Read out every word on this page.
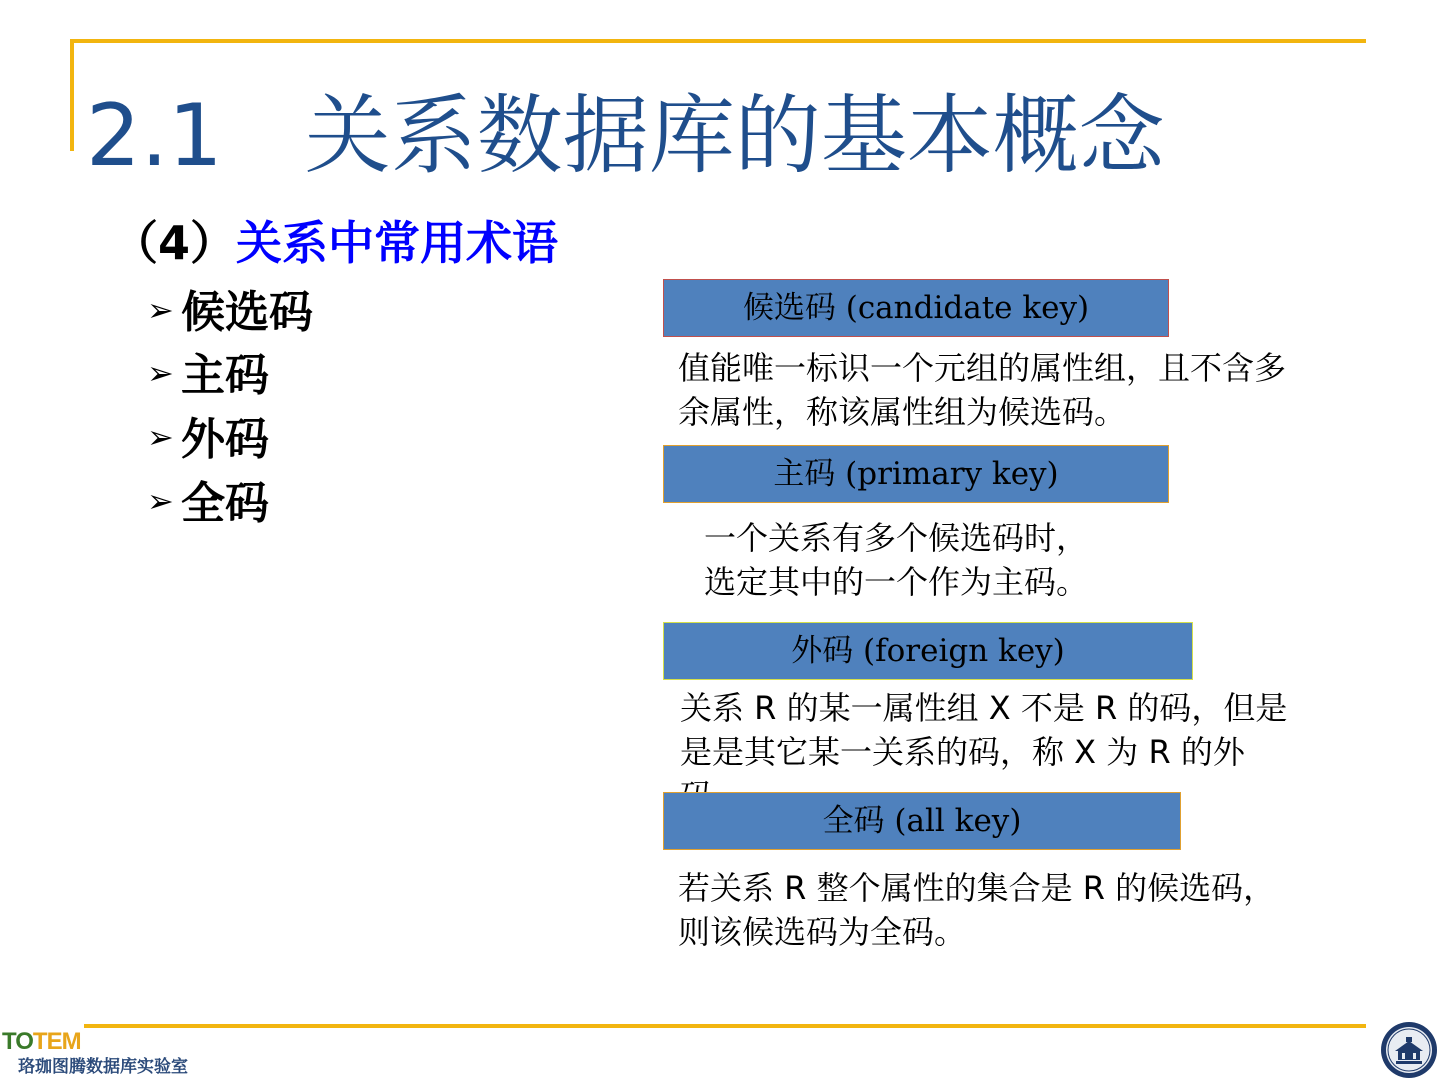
2.1   关系数据库的基本概念
（4）关系中常用术语
➢ 候选码
➢ 主码
➢ 外码
➢ 全码
候选码 (candidate key)
值能唯一标识一个元组的属性组，且不含多余属性，称该属性组为候选码。
主码 (primary key)
一个关系有多个候选码时，
选定其中的一个作为主码。
外码 (foreign key)
关系 R 的某一属性组 X 不是 R 的码，但是是是其它某一关系的码，称 X 为 R 的外
全码 (all key)
若关系 R 整个属性的集合是 R 的候选码，则该候选码为全码。
TOTEM
珞珈图腾数据库实验室
